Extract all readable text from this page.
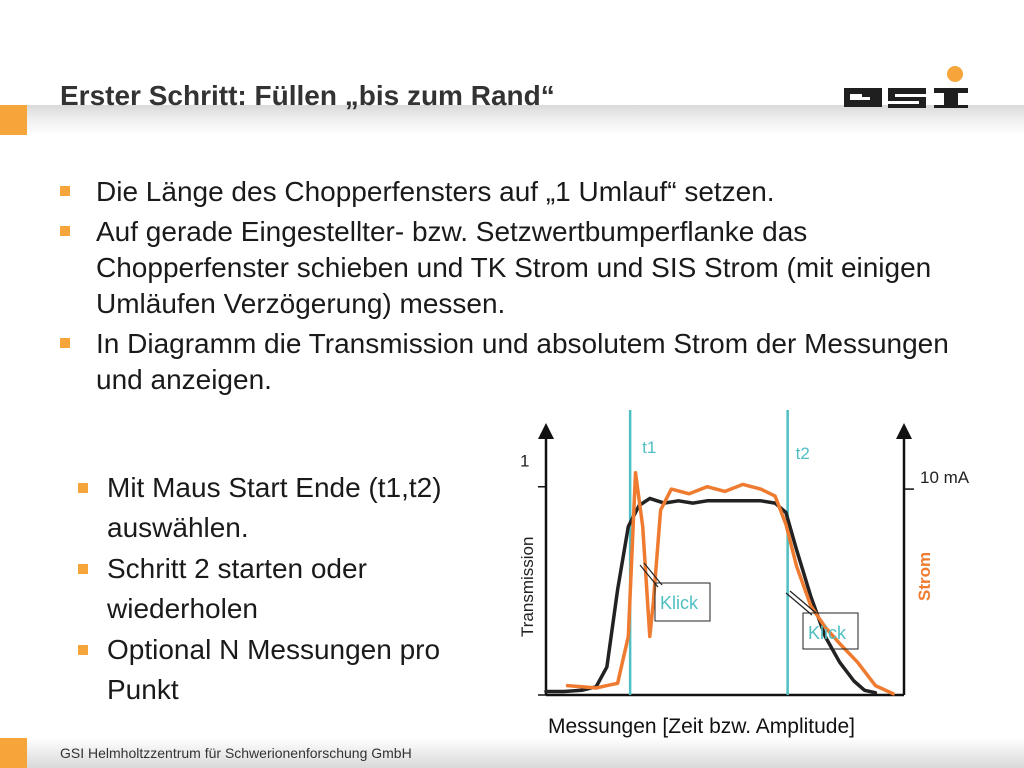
Erster Schritt: Füllen „bis zum Rand“
Die Länge des Chopperfensters auf „1 Umlauf“ setzen.
Auf gerade Eingestellter- bzw. Setzwertbumperflanke das Chopperfenster schieben und TK Strom und SIS Strom (mit einigen Umläufen Verzögerung) messen.
In Diagramm die Transmission und absolutem Strom der Messungen und anzeigen.
Mit Maus Start Ende (t1,t2) auswählen.
Schritt 2 starten oder wiederholen
Optional N Messungen pro Punkt
1
10 mA
t1	t2
Klick
Klick
Transmission	Strom
Messungen [Zeit bzw. Amplitude]
GSI Helmholtzzentrum für Schwerionenforschung GmbH
